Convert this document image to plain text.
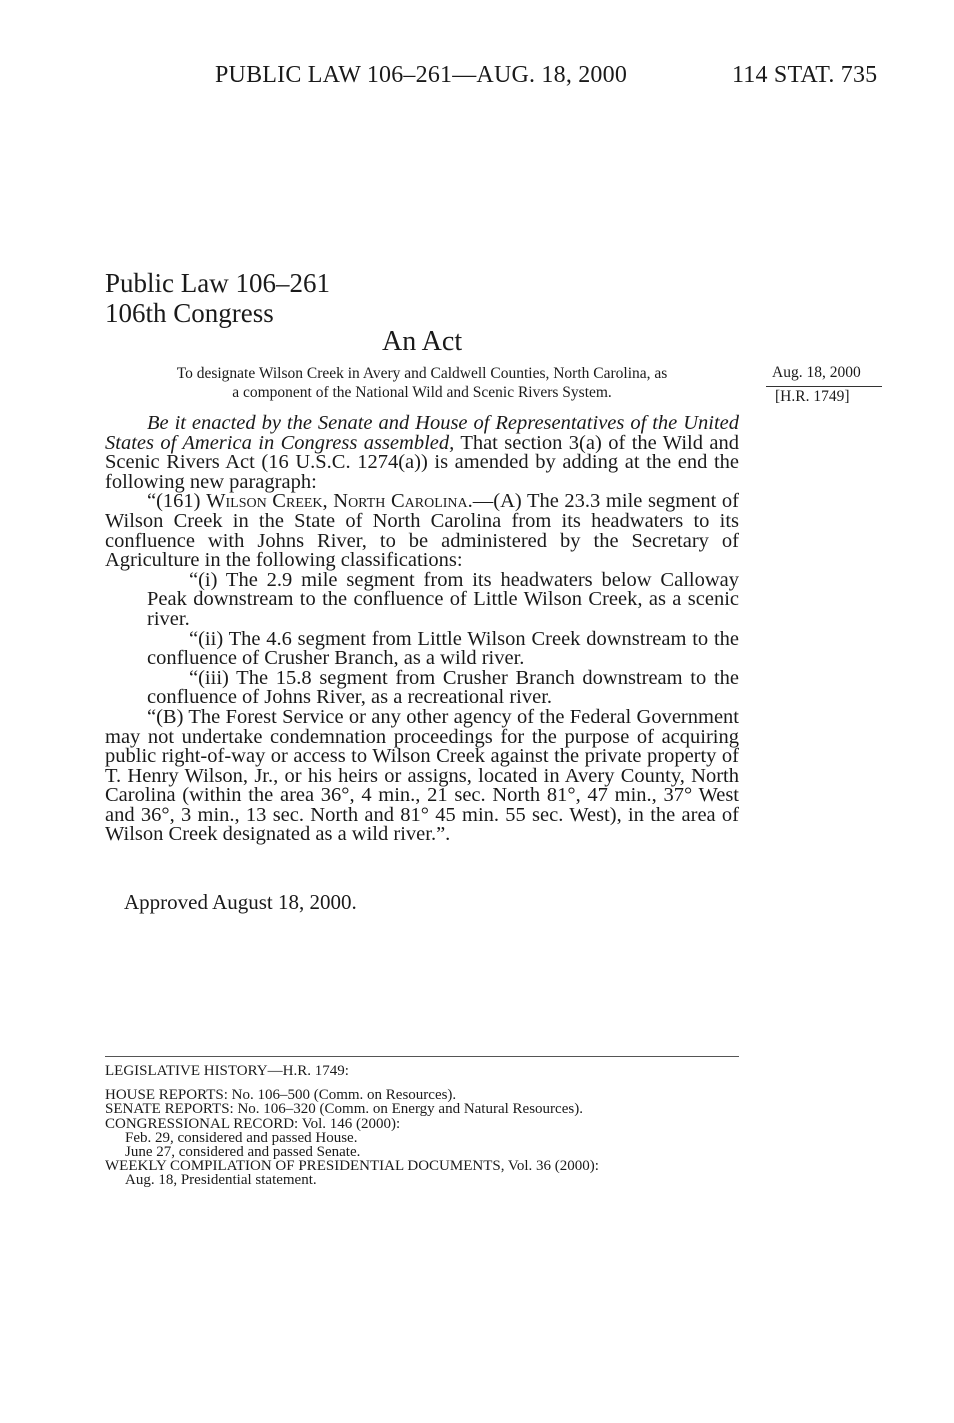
PUBLIC LAW 106–261—AUG. 18, 2000	114 STAT. 735
Public Law 106–261
106th Congress
An Act
To designate Wilson Creek in Avery and Caldwell Counties, North Carolina, as
a component of the National Wild and Scenic Rivers System.
Aug. 18, 2000
[H.R. 1749]

Be it enacted by the Senate and House of Representatives of the United States of America in Congress assembled, That section 3(a) of the Wild and Scenic Rivers Act (16 U.S.C. 1274(a)) is amended by adding at the end the following new paragraph:

“(161) Wilson Creek, North Carolina.—(A) The 23.3 mile segment of Wilson Creek in the State of North Carolina from its headwaters to its confluence with Johns River, to be administered by the Secretary of Agriculture in the following classifications:

“(i) The 2.9 mile segment from its headwaters below Calloway Peak downstream to the confluence of Little Wilson Creek, as a scenic river.

“(ii) The 4.6 segment from Little Wilson Creek downstream to the confluence of Crusher Branch, as a wild river.

“(iii) The 15.8 segment from Crusher Branch downstream to the confluence of Johns River, as a recreational river.

“(B) The Forest Service or any other agency of the Federal Government may not undertake condemnation proceedings for the purpose of acquiring public right-of-way or access to Wilson Creek against the private property of T. Henry Wilson, Jr., or his heirs or assigns, located in Avery County, North Carolina (within the area 36°, 4 min., 21 sec. North 81°, 47 min., 37° West and 36°, 3 min., 13 sec. North and 81° 45 min. 55 sec. West), in the area of Wilson Creek designated as a wild river.”.

Approved August 18, 2000.

LEGISLATIVE HISTORY—H.R. 1749:

HOUSE REPORTS: No. 106–500 (Comm. on Resources).

SENATE REPORTS: No. 106–320 (Comm. on Energy and Natural Resources).

CONGRESSIONAL RECORD: Vol. 146 (2000):

Feb. 29, considered and passed House.

June 27, considered and passed Senate.

WEEKLY COMPILATION OF PRESIDENTIAL DOCUMENTS, Vol. 36 (2000):

Aug. 18, Presidential statement.
